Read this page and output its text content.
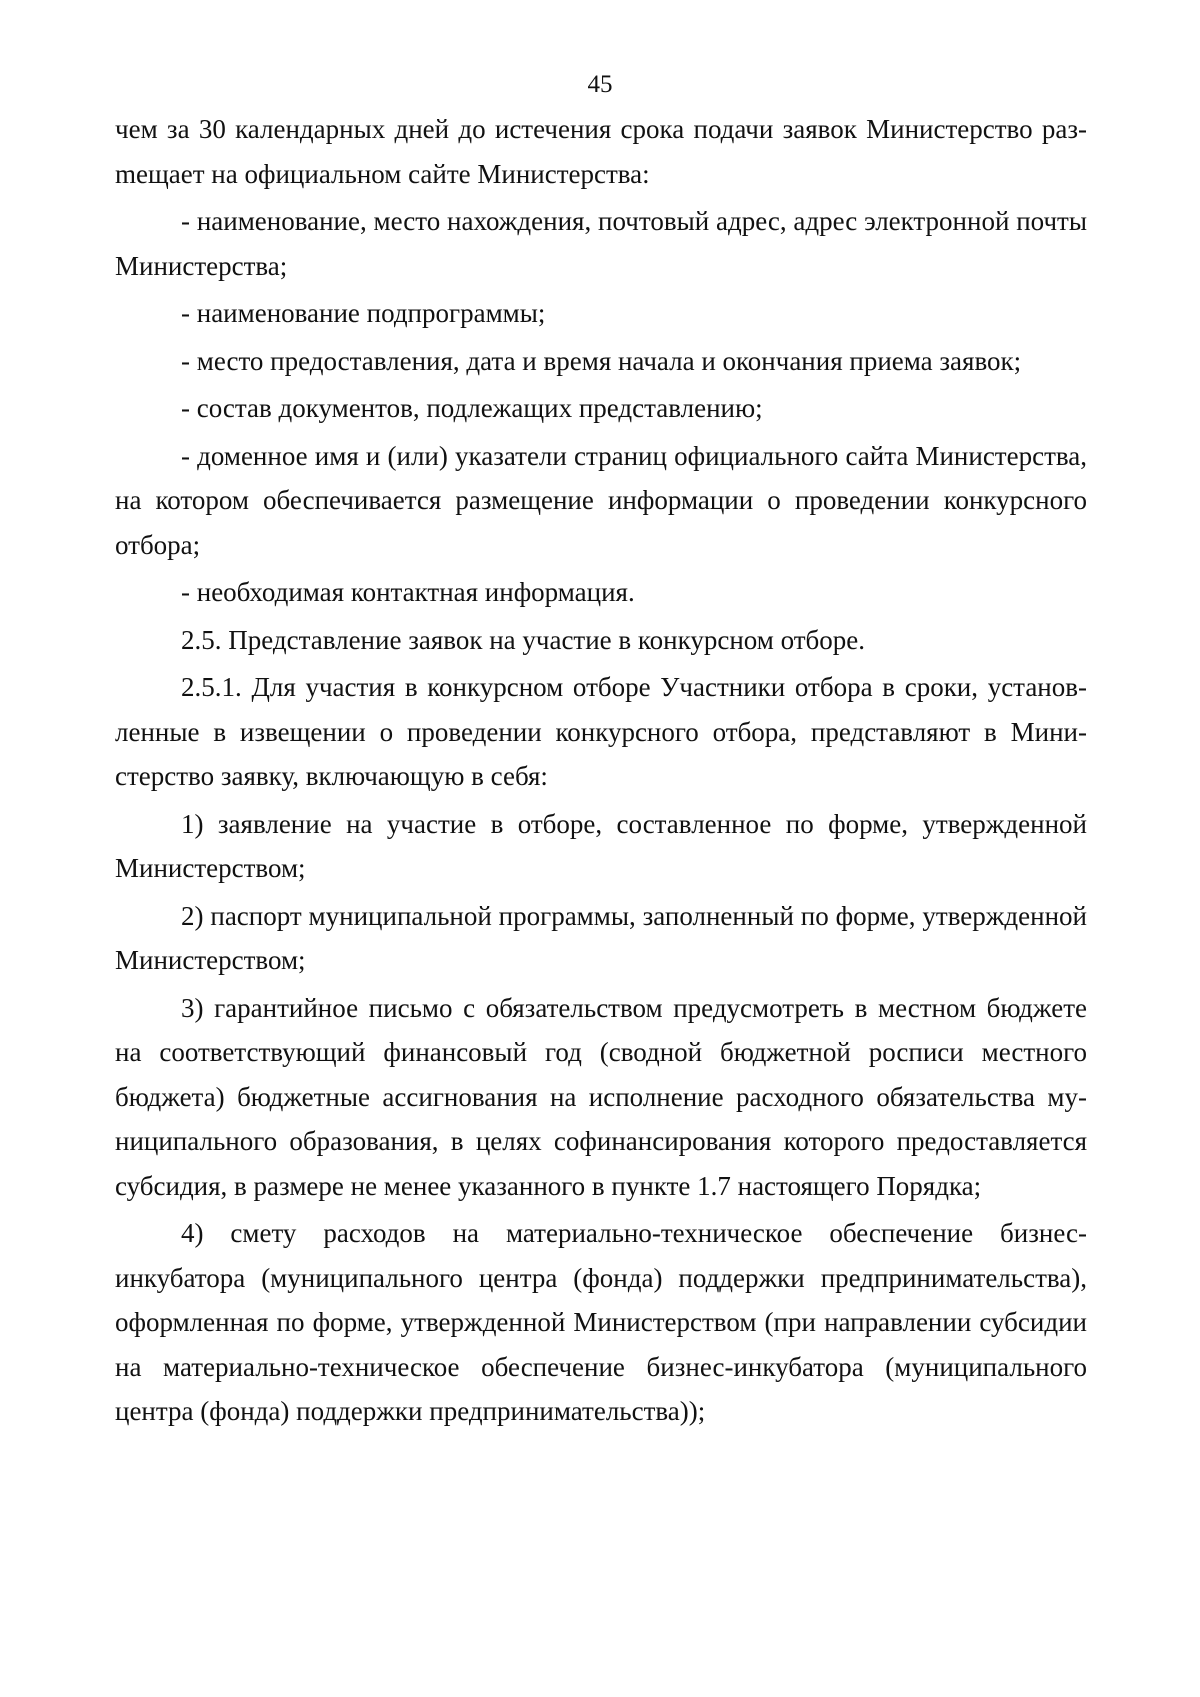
45

чем за 30 календарных дней до истечения срока подачи заявок Министерство разmещает на официальном сайте Министерства:

- наименование, место нахождения, почтовый адрес, адрес электронной почты Министерства;

- наименование подпрограммы;

- место предоставления, дата и время начала и окончания приема заявок;

- состав документов, подлежащих представлению;

- доменное имя и (или) указатели страниц официального сайта Министерства, на котором обеспечивается размещение информации о проведении конкурсного отбора;

- необходимая контактная информация.

2.5. Представление заявок на участие в конкурсном отборе.

2.5.1. Для участия в конкурсном отборе Участники отбора в сроки, установленные в извещении о проведении конкурсного отбора, представляют в Министерство заявку, включающую в себя:

1) заявление на участие в отборе, составленное по форме, утвержденной Министерством;

2) паспорт муниципальной программы, заполненный по форме, утвержденной Министерством;

3) гарантийное письмо с обязательством предусмотреть в местном бюджете на соответствующий финансовый год (сводной бюджетной росписи местного бюджета) бюджетные ассигнования на исполнение расходного обязательства муниципального образования, в целях софинансирования которого предоставляется субсидия, в размере не менее указанного в пункте 1.7 настоящего Порядка;

4) смету расходов на материально-техническое обеспечение бизнес-инкубатора (муниципального центра (фонда) поддержки предпринимательства), оформленная по форме, утвержденной Министерством (при направлении субсидии на материально-техническое обеспечение бизнес-инкубатора (муниципального центра (фонда) поддержки предпринимательства));
